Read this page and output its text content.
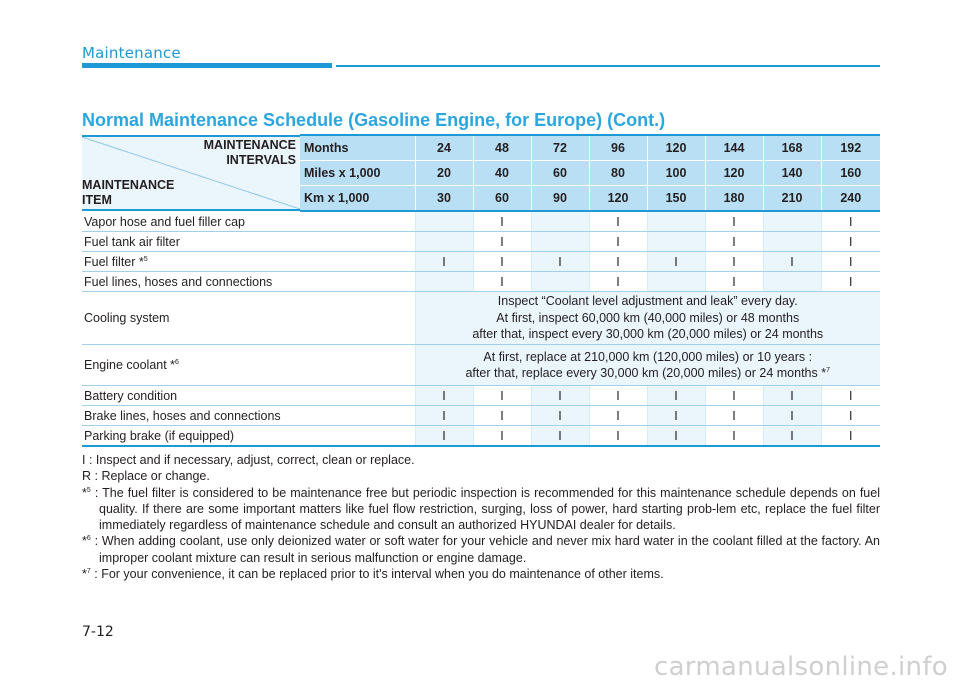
Maintenance
Normal Maintenance Schedule (Gasoline Engine, for Europe) (Cont.)
MAINTENANCE
INTERVALS
MAINTENANCE
ITEM	Months	24	48	72	96	120	144	168	192
	Miles x 1,000	20	40	60	80	100	120	140	160
	Km x 1,000	30	60	90	120	150	180	210	240
Vapor hose and fuel filler cap			I		I		I		I
Fuel tank air filter			I		I		I		I
Fuel filter *$^5$		I	I	I	I	I	I	I	I
Fuel lines, hoses and connections			I		I		I		I
Cooling system		Inspect “Coolant level adjustment and leak” every day.
At first, inspect 60,000 km (40,000 miles) or 48 months
after that, inspect every 30,000 km (20,000 miles) or 24 months							

Engine coolant *$^6$		At first, replace at 210,000 km (120,000 miles) or 10 years :
after that, replace every 30,000 km (20,000 miles) or 24 months *$^7$

Battery condition		I	I	I	I	I	I	I	I
Brake lines, hoses and connections		I	I	I	I	I	I	I	I
Parking brake (if equipped)		I	I	I	I	I	I	I	I
I : Inspect and if necessary, adjust, correct, clean or replace.
R : Replace or change.
*$^5$ : The fuel filter is considered to be maintenance free but periodic inspection is recommended for this maintenance schedule depends on fuel quality. If there are some important matters like fuel flow restriction, surging, loss of power, hard starting prob-lem etc, replace the fuel filter immediately regardless of maintenance schedule and consult an authorized HYUNDAI dealer for details.
*$^6$ : When adding coolant, use only deionized water or soft water for your vehicle and never mix hard water in the coolant filled at the factory. An improper coolant mixture can result in serious malfunction or engine damage.
*$^7$ : For your convenience, it can be replaced prior to it's interval when you do maintenance of other items.
7-12
carmanualsonline.info
